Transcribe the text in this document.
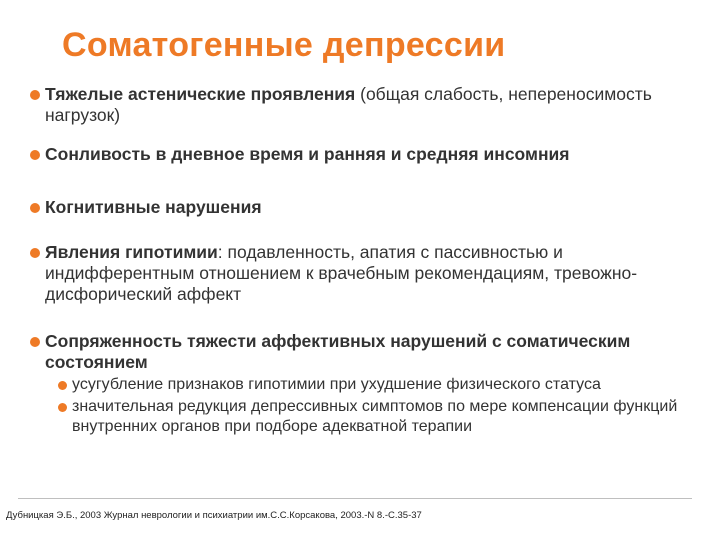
Соматогенные депрессии
Тяжелые астенические проявления (общая слабость, непереносимость нагрузок)
Сонливость в дневное время и ранняя и средняя инсомния
Когнитивные нарушения
Явления гипотимии: подавленность, апатия с пассивностью и индифферентным отношением к врачебным рекомендациям, тревожно-дисфорический аффект
Сопряженность тяжести аффективных нарушений с соматическим состоянием
усугубление признаков гипотимии при ухудшение физического статуса
значительная редукция депрессивных симптомов по мере компенсации функций внутренних органов при подборе адекватной терапии
Дубницкая Э.Б., 2003 Журнал неврологии и психиатрии им.С.С.Корсакова, 2003.-N 8.-С.35-37
